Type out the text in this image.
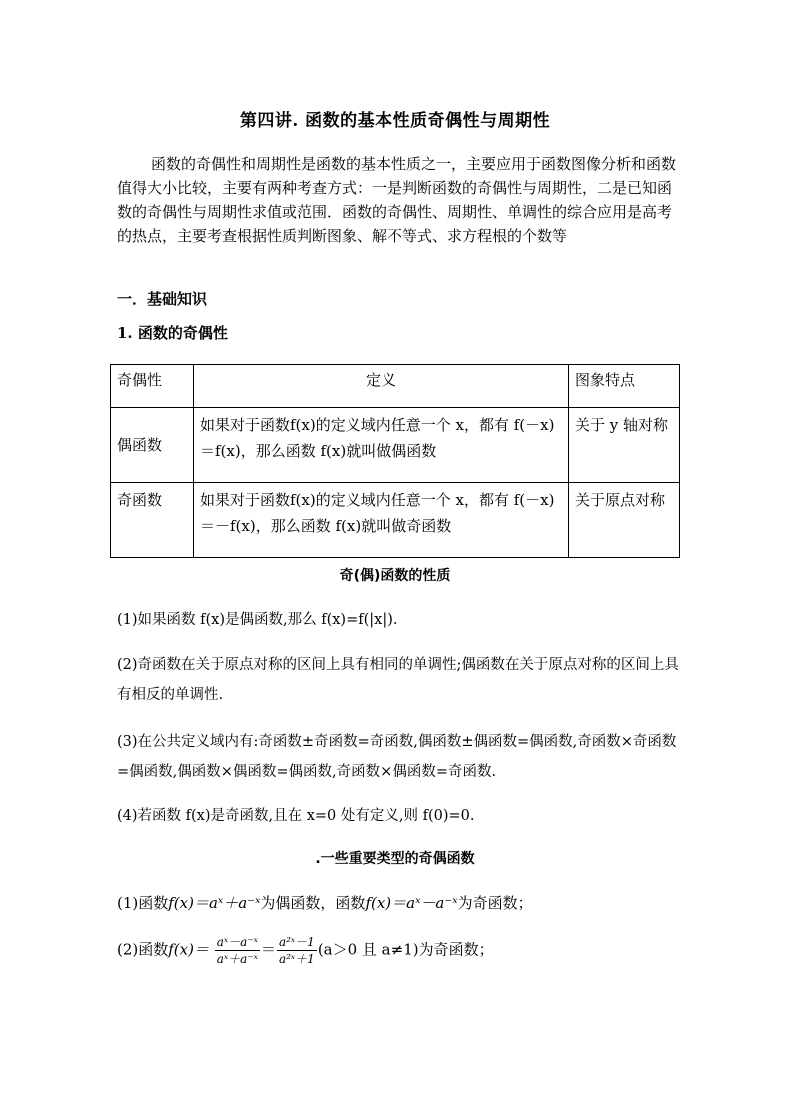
第四讲. 函数的基本性质奇偶性与周期性
函数的奇偶性和周期性是函数的基本性质之一，主要应用于函数图像分析和函数值得大小比较，主要有两种考查方式：一是判断函数的奇偶性与周期性，二是已知函数的奇偶性与周期性求值或范围．函数的奇偶性、周期性、单调性的综合应用是高考的热点，主要考查根据性质判断图象、解不等式、求方程根的个数等
一．基础知识
1. 函数的奇偶性
奇偶性	定义	图象特点
偶函数	如果对于函数f(x)的定义域内任意一个 x，都有 f(－x)＝f(x)，那么函数 f(x)就叫做偶函数	关于 y 轴对称
奇函数	如果对于函数f(x)的定义域内任意一个 x，都有 f(－x)＝－f(x)，那么函数 f(x)就叫做奇函数	关于原点对称
奇(偶)函数的性质
(1)如果函数 f(x)是偶函数,那么 f(x)=f(|x|).
(2)奇函数在关于原点对称的区间上具有相同的单调性;偶函数在关于原点对称的区间上具有相反的单调性.
(3)在公共定义域内有:奇函数±奇函数=奇函数,偶函数±偶函数=偶函数,奇函数×奇函数=偶函数,偶函数×偶函数=偶函数,奇函数×偶函数=奇函数.
(4)若函数 f(x)是奇函数,且在 x=0 处有定义,则 f(0)=0.
.一些重要类型的奇偶函数
(1)函数f(x)＝aˣ＋a⁻ˣ为偶函数，函数f(x)＝aˣ－a⁻ˣ为奇函数；
(2)函数$f(x)= \frac{\text{aˣ－a⁻ˣ}}{\text{aˣ＋a⁻ˣ}} = \frac{\text{a²ˣ－1}}{\text{a²ˣ＋1}} (a>0$ 且 a≠1)为奇函数；
